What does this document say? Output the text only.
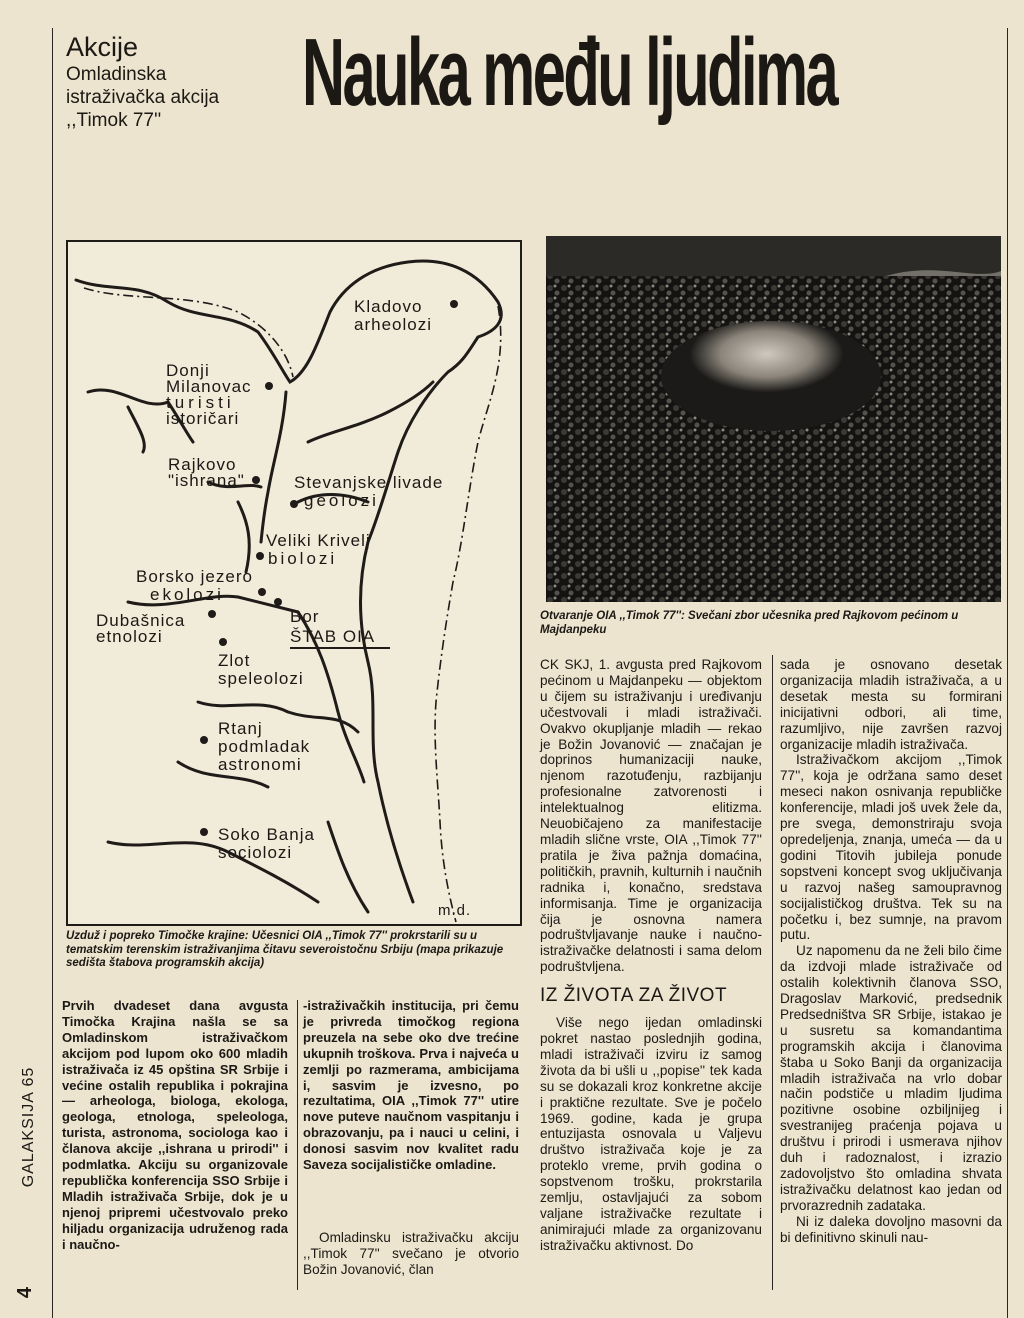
GALAKSIJA 65
4
Akcije
Omladinska
istraživačka akcija
,,Timok 77''	Nauka među ljudima
Kladovo
arheolozi
Donji
Milanovac
turisti
istoričari
Rajkovo
"ishrana"	Stevanjske livade
geolozi
Veliki Krivelj
biolozi
Borsko jezero
ekolozi
Dubašnica
etnolozi
Bor
ŠTAB OIA
Zlot
speleolozi
Rtanj
podmladak
astronomi
Soko Banja
sociolozi
m.d.
Uzduž i popreko Timočke krajine: Učesnici OIA ,,Timok 77'' prokrstarili su u tematskim terenskim istraživanjima čitavu severoistočnu Srbiju (mapa prikazuje sedišta štabova programskih akcija)
Otvaranje OIA ,,Timok 77'': Svečani zbor učesnika pred Rajkovom pećinom u Majdanpeku

Prvih dvadeset dana avgusta Timočka Krajina našla se sa Omladinskom istraživačkom akcijom pod lupom oko 600 mladih istraživača iz 45 opština SR Srbije i većine ostalih republika i pokrajina — arheologa, biologa, ekologa, geologa, etnologa, speleologa, turista, astronoma, sociologa kao i članova akcije ,,ishrana u prirodi'' i podmlatka. Akciju su organizovale republička konferencija SSO Srbije i Mladih istraživača Srbije, dok je u njenoj pripremi učestvovalo preko hiljadu organizacija udruženog rada i naučno-

-istraživačkih institucija, pri čemu je privreda timočkog regiona preuzela na sebe oko dve trećine ukupnih troškova. Prva i najveća u zemlji po razmerama, ambicijama i, sasvim je izvesno, po rezultatima, OIA ,,Timok 77'' utire nove puteve naučnom vaspitanju i obrazovanju, pa i nauci u celini, i donosi sasvim nov kvalitet radu Saveza socijalističke omladine.

Omladinsku istraživačku akciju ,,Timok 77'' svečano je otvorio Božin Jovanović, član

CK SKJ, 1. avgusta pred Rajkovom pećinom u Majdanpeku — objektom u čijem su istraživanju i uređivanju učestvovali i mladi istraživači. Ovakvo okupljanje mladih — rekao je Božin Jovanović — značajan je doprinos humanizaciji nauke, njenom razotuđenju, razbijanju profesionalne zatvorenosti i intelektualnog elitizma. Neuobičajeno za manifestacije mladih slične vrste, OIA ,,Timok 77'' pratila je živa pažnja domaćina, političkih, pravnih, kulturnih i naučnih radnika i, konačno, sredstava informisanja. Time je organizacija čija je osnovna namera podruštvljavanje nauke i naučno-istraživačke delatnosti i sama delom podruštvljena.

IZ ŽIVOTA ZA ŽIVOT

Više nego ijedan omladinski pokret nastao poslednjih godina, mladi istraživači izviru iz samog života da bi ušli u ,,popise'' tek kada su se dokazali kroz konkretne akcije i praktične rezultate. Sve je počelo 1969. godine, kada je grupa entuzijasta osnovala u Valjevu društvo istraživača koje je za proteklo vreme, prvih godina o sopstvenom trošku, prokrstarila zemlju, ostavljajući za sobom valjane istraživačke rezultate i animirajući mlade za organizovanu istraživačku aktivnost. Do

sada je osnovano desetak organizacija mladih istraživača, a u desetak mesta su formirani inicijativni odbori, ali time, razumljivo, nije završen razvoj organizacije mladih istraživača.

Istraživačkom akcijom ,,Timok 77'', koja je održana samo deset meseci nakon osnivanja republičke konferencije, mladi još uvek žele da, pre svega, demonstriraju svoja opredeljenja, znanja, umeća — da u godini Titovih jubileja ponude sopstveni koncept svog uključivanja u razvoj našeg samoupravnog socijalističkog društva. Tek su na početku i, bez sumnje, na pravom putu.

Uz napomenu da ne želi bilo čime da izdvoji mlade istraživače od ostalih kolektivnih članova SSO, Dragoslav Marković, predsednik Predsedništva SR Srbije, istakao je u susretu sa komandantima programskih akcija i članovima štaba u Soko Banji da organizacija mladih istraživača na vrlo dobar način podstiče u mladim ljudima pozitivne osobine ozbiljnijeg i svestranijeg praćenja pojava u društvu i prirodi i usmerava njihov duh i radoznalost, i izrazio zadovoljstvo što omladina shvata istraživačku delatnost kao jedan od prvorazrednih zadataka.

Ni iz daleka dovoljno masovni da bi definitivno skinuli nau-
